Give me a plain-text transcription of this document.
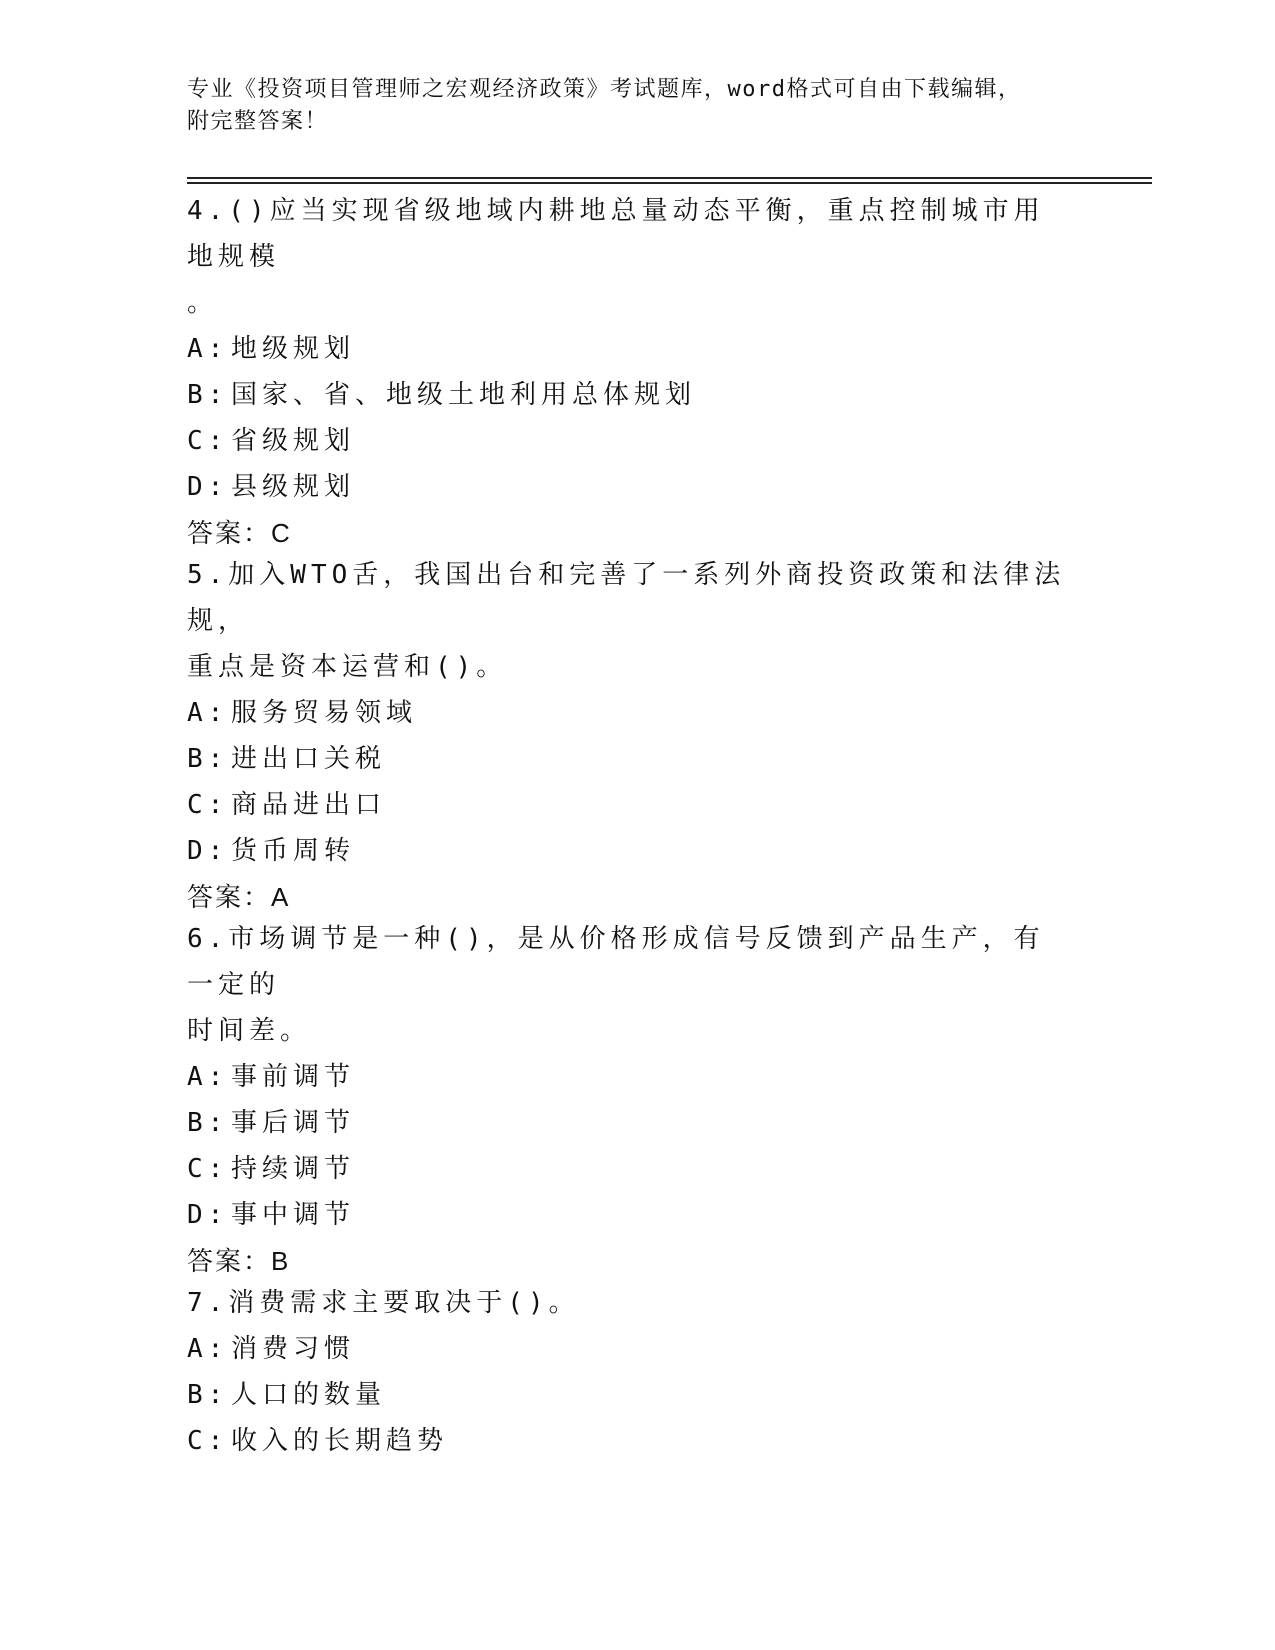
专业《投资项目管理师之宏观经济政策》考试题库，word格式可自由下载编辑，
附完整答案！
4.()应当实现省级地域内耕地总量动态平衡，重点控制城市用地规模
。
A: 地级规划
B: 国家、省、地级土地利用总体规划
C: 省级规划
D: 县级规划
答案：C
5.加入WTO舌，我国出台和完善了一系列外商投资政策和法律法规，
重点是资本运营和()。
A: 服务贸易领域
B: 进出口关税
C: 商品进出口
D: 货币周转
答案：A
6.市场调节是一种()，是从价格形成信号反馈到产品生产，有一定的
时间差。
A: 事前调节
B: 事后调节
C: 持续调节
D: 事中调节
答案：B
7.消费需求主要取决于()。
A: 消费习惯
B: 人口的数量
C: 收入的长期趋势
